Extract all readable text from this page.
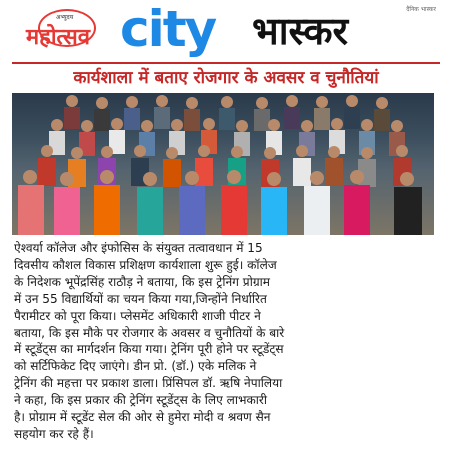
अभ्युदय
महोत्सव city भास्कर	दैनिक भास्कर
कार्यशाला में बताए रोजगार के अवसर व चुनौतियां

ऐश्वर्या कॉलेज और इंफोसिस के संयुक्त तत्वावधान में 15

दिवसीय कौशल विकास प्रशिक्षण कार्यशाला शुरू हुई। कॉलेज

के निदेशक भूपेंद्रसिंह राठौड़ ने बताया, कि इस ट्रेनिंग प्रोग्राम

में उन 55 विद्यार्थियों का चयन किया गया,जिन्होंने निर्धारित

पैरामीटर को पूरा किया। प्लेसमेंट अधिकारी शाजी पीटर ने

बताया, कि इस मौके पर रोजगार के अवसर व चुनौतियों के बारे

में स्टूडेंट्स का मार्गदर्शन किया गया। ट्रेनिंग पूरी होने पर स्टूडेंट्स

को सर्टिफिकेट दिए जाएंगे। डीन प्रो. (डॉ.) एके मलिक ने

ट्रेनिंग की महत्ता पर प्रकाश डाला। प्रिंसिपल डॉ. ऋषि नेपालिया

ने कहा, कि इस प्रकार की ट्रेनिंग स्टूडेंट्स के लिए लाभकारी

है। प्रोग्राम में स्टूडेंट सेल की ओर से हुमेरा मोदी व श्रवण सैन

सहयोग कर रहे हैं।
